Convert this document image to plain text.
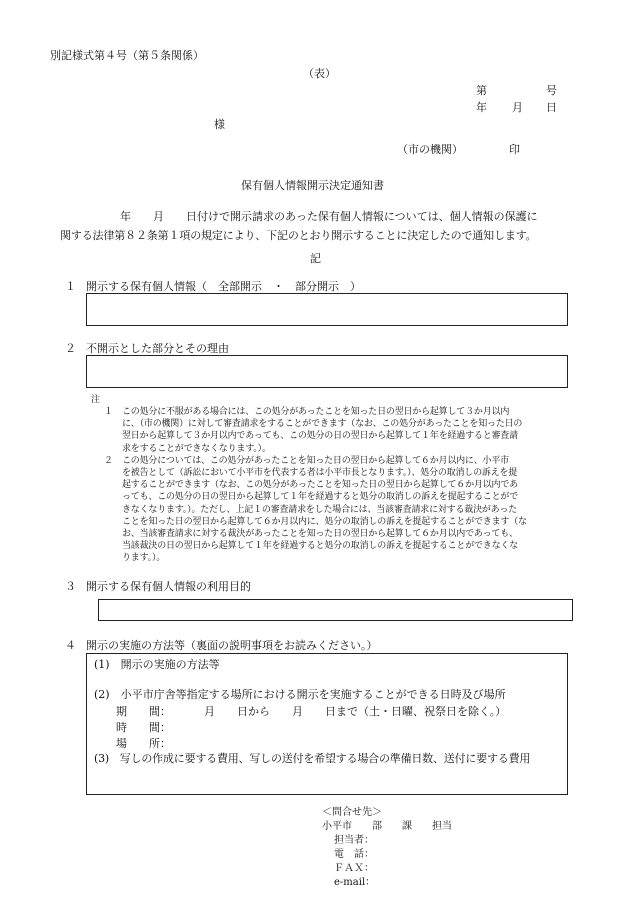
別記様式第４号（第５条関係）
（表）
第	号
年 月 日
様
（市の機関）	印
保有個人情報開示決定通知書
年　　月　　日付けで開示請求のあった保有個人情報については、個人情報の保護に
関する法律第８２条第１項の規定により、下記のとおり開示することに決定したので通知します。
記
１ 開示する保有個人情報（　全部開示　・　部分開示　）
２ 不開示とした部分とその理由
注
１ この処分に不服がある場合には、この処分があったことを知った日の翌日から起算して３か月以内
に、（市の機関）に対して審査請求をすることができます（なお、この処分があったことを知った日の
翌日から起算して３か月以内であっても、この処分の日の翌日から起算して１年を経過すると審査請
求をすることができなくなります。）。
２ この処分については、この処分があったことを知った日の翌日から起算して６か月以内に、小平市
を被告として（訴訟において小平市を代表する者は小平市長となります。）、処分の取消しの訴えを提
起することができます（なお、この処分があったことを知った日の翌日から起算して６か月以内であ
っても、この処分の日の翌日から起算して１年を経過すると処分の取消しの訴えを提起することがで
きなくなります。）。ただし、上記１の審査請求をした場合には、当該審査請求に対する裁決があった
ことを知った日の翌日から起算して６か月以内に、処分の取消しの訴えを提起することができます（な
お、当該審査請求に対する裁決があったことを知った日の翌日から起算して６か月以内であっても、
当該裁決の日の翌日から起算して１年を経過すると処分の取消しの訴えを提起することができなくな
ります。）。
３ 開示する保有個人情報の利用目的
４ 開示の実施の方法等（裏面の説明事項をお読みください。）
(1)　開示の実施の方法等
(2)　小平市庁舎等指定する場所における開示を実施することができる日時及び場所
期　　間：	月　　日から　　月　　日まで（土・日曜、祝祭日を除く。）
時　　間：
場　　所：
(3)　写しの作成に要する費用、写しの送付を希望する場合の準備日数、送付に要する費用
＜問合せ先＞
小平市　　部　　課　　担当
担当者：
電　話：
ＦＡＸ：
e-mail：
